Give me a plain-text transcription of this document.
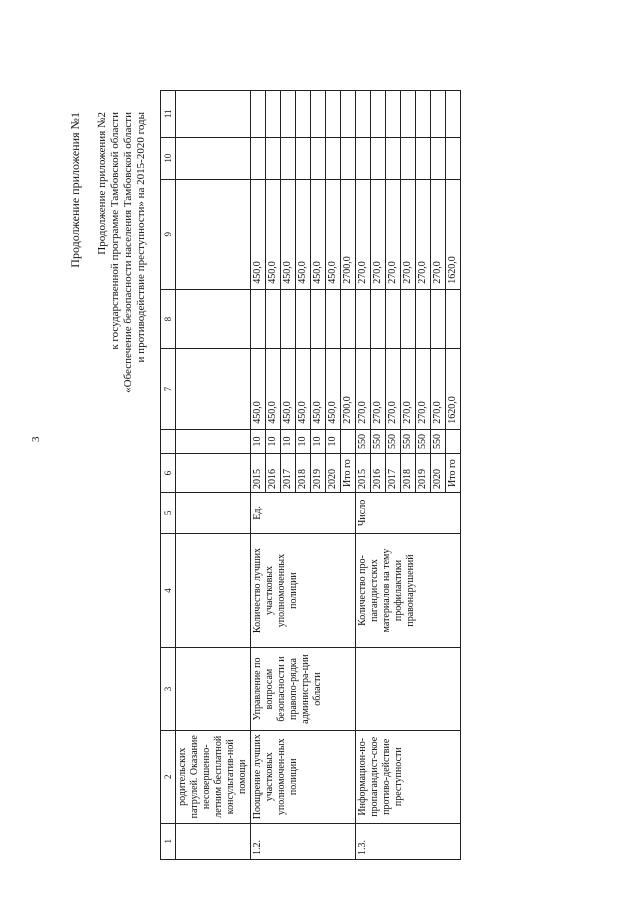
3
Продолжение приложения №1 Продолжение приложения №2 к государственной программе Тамбовской области «Обеспечение безопасности населения Тамбовской области и противодействие преступности» на 2015-2020 годы
1	2	3	4	5	6		7	8	9	10	11
	родительских патрулей. Оказание несовершенно-летним бесплатной консультатив-ной помощи										
1.2.	Поощрение лучших участковых уполномочен-ных полиции	Управление по вопросам безопасности и правопо-рядка администра-ции области	Количество лучших участковых уполномоченных полиции	Ед.	2015	10	450,0		450,0		
					2016	10	450,0		450,0		
					2017	10	450,0		450,0		
					2018	10	450,0		450,0		
					2019	10	450,0		450,0		
					2020	10	450,0		450,0		
					Ито го		2700,0		2700,0		
1.3.	Информацион-но-пропагандист-ское противо-действие преступности		Количество про-пагандистских материалов на тему профилактики правонарушений	Число	2015	550	270,0		270,0		
					2016	550	270,0		270,0		
					2017	550	270,0		270,0		
					2018	550	270,0		270,0		
					2019	550	270,0		270,0		
					2020	550	270,0		270,0		
					Ито го		1620,0		1620,0		
